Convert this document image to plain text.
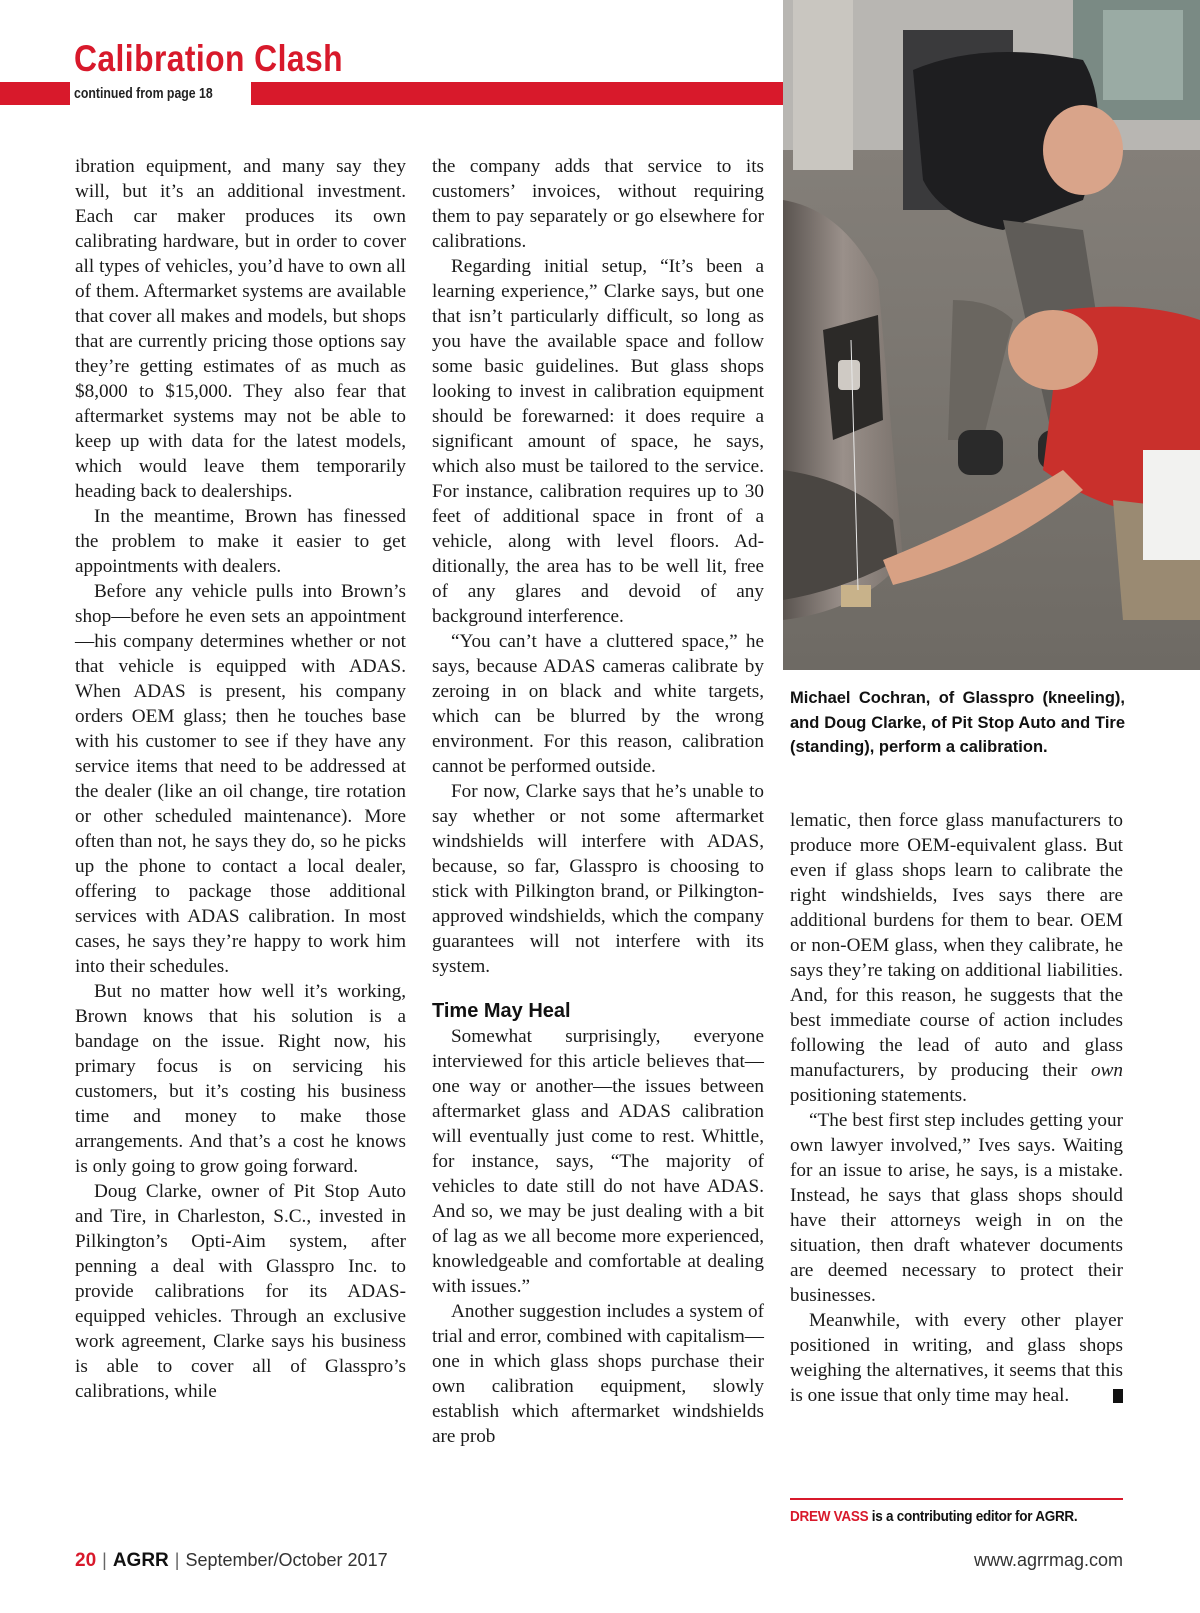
Calibration Clash
continued from page 18

ibration equipment, and many say they will, but it’s an additional investment. Each car maker produces its own calibrating hardware, but in order to cover all types of vehicles, you’d have to own all of them. Aftermarket systems are available that cover all makes and models, but shops that are currently pricing those options say they’re getting estimates of as much as $8,000 to $15,000. They also fear that aftermarket systems may not be able to keep up with data for the latest models, which would leave them temporarily heading back to dealerships.

In the meantime, Brown has finessed the problem to make it easier to get appointments with dealers.

Before any vehicle pulls into Brown’s shop—before he even sets an appointment—his company determines whether or not that vehicle is equipped with ADAS. When ADAS is present, his company orders OEM glass; then he touches base with his customer to see if they have any service items that need to be addressed at the dealer (like an oil change, tire rotation or other scheduled maintenance). More often than not, he says they do, so he picks up the phone to contact a local dealer, offering to package those additional services with ADAS calibration. In most cases, he says they’re happy to work him into their schedules.

But no matter how well it’s working, Brown knows that his solution is a bandage on the issue. Right now, his primary focus is on servicing his customers, but it’s costing his business time and money to make those arrangements. And that’s a cost he knows is only going to grow going forward.

Doug Clarke, owner of Pit Stop Auto and Tire, in Charleston, S.C., invested in Pilkington’s Opti-Aim system, after penning a deal with Glasspro Inc. to provide calibrations for its ADAS-equipped vehicles. Through an exclusive work agreement, Clarke says his business is able to cover all of Glasspro’s calibrations, while

the company adds that service to its customers’ invoices, without requiring them to pay separately or go elsewhere for calibrations.

Regarding initial setup, “It’s been a learning experience,” Clarke says, but one that isn’t particularly difficult, so long as you have the available space and follow some basic guidelines. But glass shops looking to invest in calibration equipment should be forewarned: it does require a significant amount of space, he says, which also must be tailored to the service. For instance, calibration requires up to 30 feet of additional space in front of a vehicle, along with level floors. Additionally, the area has to be well lit, free of any glares and devoid of any background interference.

“You can’t have a cluttered space,” he says, because ADAS cameras calibrate by zeroing in on black and white targets, which can be blurred by the wrong environment. For this reason, calibration cannot be performed outside.

For now, Clarke says that he’s unable to say whether or not some aftermarket windshields will interfere with ADAS, because, so far, Glasspro is choosing to stick with Pilkington brand, or Pilkington-approved windshields, which the company guarantees will not interfere with its system.

Time May Heal

Somewhat surprisingly, everyone interviewed for this article believes that—one way or another—the issues between aftermarket glass and ADAS calibration will eventually just come to rest. Whittle, for instance, says, “The majority of vehicles to date still do not have ADAS. And so, we may be just dealing with a bit of lag as we all become more experienced, knowledgeable and comfortable at dealing with issues.”

Another suggestion includes a system of trial and error, combined with capitalism—one in which glass shops purchase their own calibration equipment, slowly establish which aftermarket windshields are prob

Michael Cochran, of Glasspro (kneeling), and Doug Clarke, of Pit Stop Auto and Tire (standing), perform a calibration.

lematic, then force glass manufacturers to produce more OEM-equivalent glass. But even if glass shops learn to calibrate the right windshields, Ives says there are additional burdens for them to bear. OEM or non-OEM glass, when they calibrate, he says they’re taking on additional liabilities. And, for this reason, he suggests that the best immediate course of action includes following the lead of auto and glass manufacturers, by producing their own positioning statements.

“The best first step includes getting your own lawyer involved,” Ives says. Waiting for an issue to arise, he says, is a mistake. Instead, he says that glass shops should have their attorneys weigh in on the situation, then draft whatever documents are deemed necessary to protect their businesses.

Meanwhile, with every other player positioned in writing, and glass shops weighing the alternatives, it seems that this is one issue that only time may heal.

DREW VASS is a contributing editor for AGRR.
20 | AGRR | September/October 2017	www.agrrmag.com
